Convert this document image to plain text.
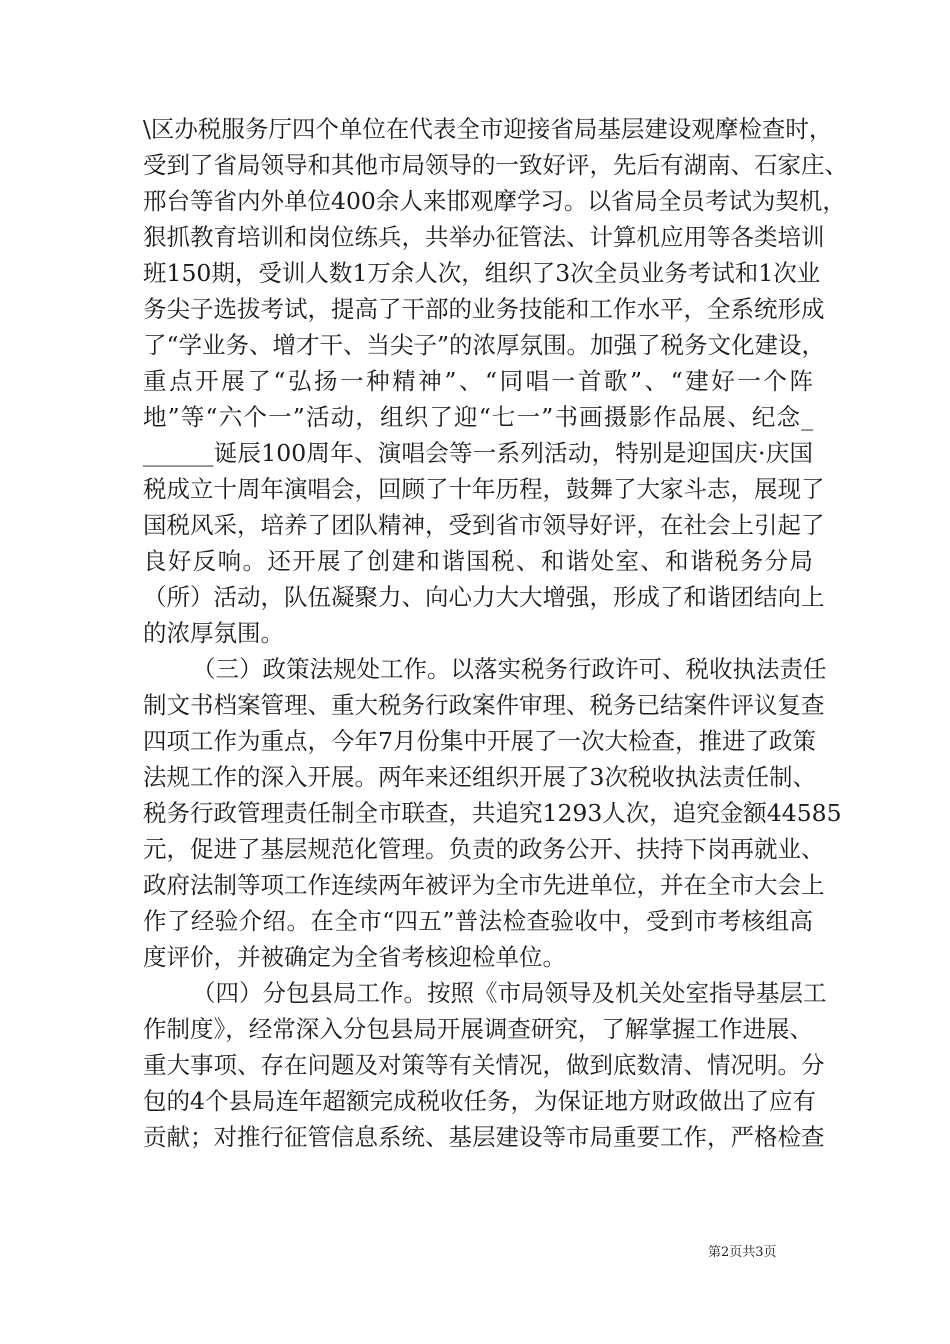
\区办税服务厅四个单位在代表全市迎接省局基层建设观摩检查时，
受到了省局领导和其他市局领导的一致好评，先后有湖南、石家庄、
邢台等省内外单位400余人来邯观摩学习。以省局全员考试为契机，
狠抓教育培训和岗位练兵，共举办征管法、计算机应用等各类培训
班150期，受训人数1万余人次，组织了3次全员业务考试和1次业
务尖子选拔考试，提高了干部的业务技能和工作水平，全系统形成
了“学业务、增才干、当尖子”的浓厚氛围。加强了税务文化建设，
重点开展了“弘扬一种精神”、“同唱一首歌”、“建好一个阵
地”等“六个一”活动，组织了迎“七一”书画摄影作品展、纪念_
______诞辰100周年、演唱会等一系列活动，特别是迎国庆·庆国
税成立十周年演唱会，回顾了十年历程，鼓舞了大家斗志，展现了
国税风采，培养了团队精神，受到省市领导好评，在社会上引起了
良好反响。还开展了创建和谐国税、和谐处室、和谐税务分局
（所）活动，队伍凝聚力、向心力大大增强，形成了和谐团结向上
的浓厚氛围。
（三）政策法规处工作。以落实税务行政许可、税收执法责任
制文书档案管理、重大税务行政案件审理、税务已结案件评议复查
四项工作为重点，今年7月份集中开展了一次大检查，推进了政策
法规工作的深入开展。两年来还组织开展了3次税收执法责任制、
税务行政管理责任制全市联查，共追究1293人次，追究金额44585
元，促进了基层规范化管理。负责的政务公开、扶持下岗再就业、
政府法制等项工作连续两年被评为全市先进单位，并在全市大会上
作了经验介绍。在全市“四五”普法检查验收中，受到市考核组高
度评价，并被确定为全省考核迎检单位。
（四）分包县局工作。按照《市局领导及机关处室指导基层工
作制度》，经常深入分包县局开展调查研究，了解掌握工作进展、
重大事项、存在问题及对策等有关情况，做到底数清、情况明。分
包的4个县局连年超额完成税收任务，为保证地方财政做出了应有
贡献；对推行征管信息系统、基层建设等市局重要工作，严格检查
第2页共3页
